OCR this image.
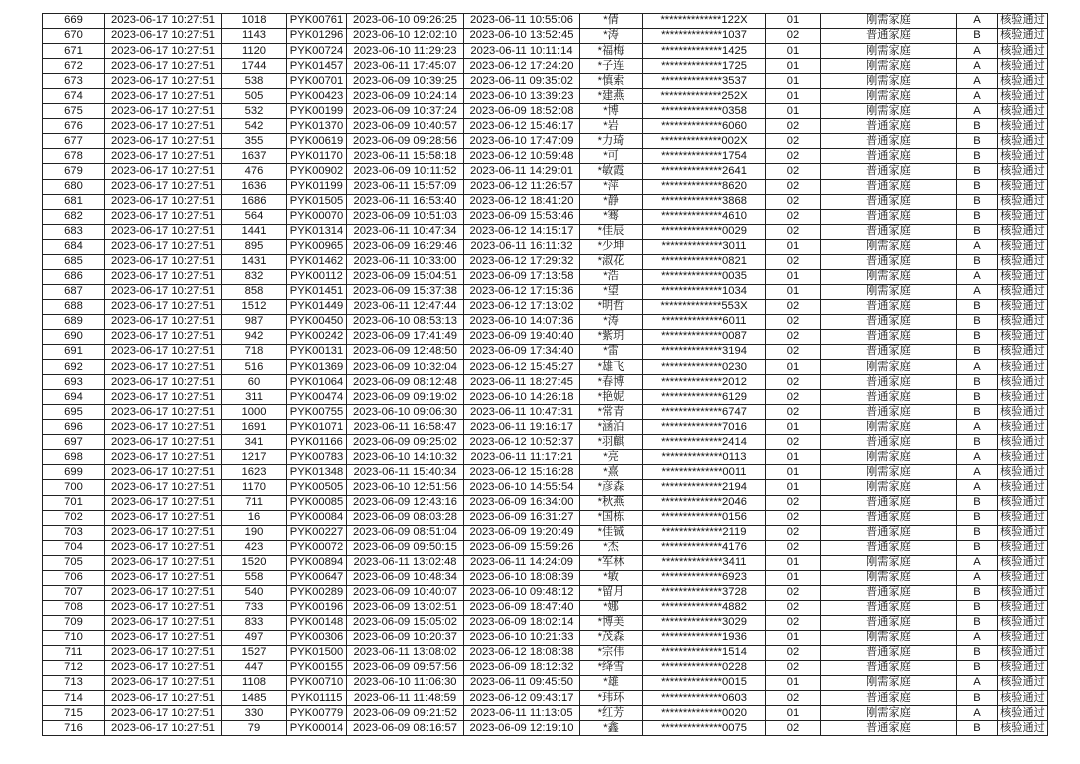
669	2023-06-17 10:27:51	1018	PYK00761	2023-06-10 09:26:25	2023-06-11 10:55:06	*倩	**************122X	01	刚需家庭	A	核验通过
670	2023-06-17 10:27:51	1143	PYK01296	2023-06-10 12:02:10	2023-06-10 13:52:45	*涛	**************1037	02	普通家庭	B	核验通过
671	2023-06-17 10:27:51	1120	PYK00724	2023-06-10 11:29:23	2023-06-11 10:11:14	*福梅	**************1425	01	刚需家庭	A	核验通过
672	2023-06-17 10:27:51	1744	PYK01457	2023-06-11 17:45:07	2023-06-12 17:24:20	*子连	**************1725	01	刚需家庭	A	核验通过
673	2023-06-17 10:27:51	538	PYK00701	2023-06-09 10:39:25	2023-06-11 09:35:02	*慎索	**************3537	01	刚需家庭	A	核验通过
674	2023-06-17 10:27:51	505	PYK00423	2023-06-09 10:24:14	2023-06-10 13:39:23	*建燕	**************252X	01	刚需家庭	A	核验通过
675	2023-06-17 10:27:51	532	PYK00199	2023-06-09 10:37:24	2023-06-09 18:52:08	*博	**************0358	01	刚需家庭	A	核验通过
676	2023-06-17 10:27:51	542	PYK01370	2023-06-09 10:40:57	2023-06-12 15:46:17	*岩	**************6060	02	普通家庭	B	核验通过
677	2023-06-17 10:27:51	355	PYK00619	2023-06-09 09:28:56	2023-06-10 17:47:09	*力琦	**************002X	02	普通家庭	B	核验通过
678	2023-06-17 10:27:51	1637	PYK01170	2023-06-11 15:58:18	2023-06-12 10:59:48	*可	**************1754	02	普通家庭	B	核验通过
679	2023-06-17 10:27:51	476	PYK00902	2023-06-09 10:11:52	2023-06-11 14:29:01	*敏霞	**************2641	02	普通家庭	B	核验通过
680	2023-06-17 10:27:51	1636	PYK01199	2023-06-11 15:57:09	2023-06-12 11:26:57	*萍	**************8620	02	普通家庭	B	核验通过
681	2023-06-17 10:27:51	1686	PYK01505	2023-06-11 16:53:40	2023-06-12 18:41:20	*静	**************3868	02	普通家庭	B	核验通过
682	2023-06-17 10:27:51	564	PYK00070	2023-06-09 10:51:03	2023-06-09 15:53:46	*骞	**************4610	02	普通家庭	B	核验通过
683	2023-06-17 10:27:51	1441	PYK01314	2023-06-11 10:47:34	2023-06-12 14:15:17	*佳辰	**************0029	02	普通家庭	B	核验通过
684	2023-06-17 10:27:51	895	PYK00965	2023-06-09 16:29:46	2023-06-11 16:11:32	*少坤	**************3011	01	刚需家庭	A	核验通过
685	2023-06-17 10:27:51	1431	PYK01462	2023-06-11 10:33:00	2023-06-12 17:29:32	*淑花	**************0821	02	普通家庭	B	核验通过
686	2023-06-17 10:27:51	832	PYK00112	2023-06-09 15:04:51	2023-06-09 17:13:58	*浩	**************0035	01	刚需家庭	A	核验通过
687	2023-06-17 10:27:51	858	PYK01451	2023-06-09 15:37:38	2023-06-12 17:15:36	*望	**************1034	01	刚需家庭	A	核验通过
688	2023-06-17 10:27:51	1512	PYK01449	2023-06-11 12:47:44	2023-06-12 17:13:02	*明哲	**************553X	02	普通家庭	B	核验通过
689	2023-06-17 10:27:51	987	PYK00450	2023-06-10 08:53:13	2023-06-10 14:07:36	*涛	**************6011	02	普通家庭	B	核验通过
690	2023-06-17 10:27:51	942	PYK00242	2023-06-09 17:41:49	2023-06-09 19:40:40	*紫玥	**************0087	02	普通家庭	B	核验通过
691	2023-06-17 10:27:51	718	PYK00131	2023-06-09 12:48:50	2023-06-09 17:34:40	*雷	**************3194	02	普通家庭	B	核验通过
692	2023-06-17 10:27:51	516	PYK01369	2023-06-09 10:32:04	2023-06-12 15:45:27	*雄飞	**************0230	01	刚需家庭	A	核验通过
693	2023-06-17 10:27:51	60	PYK01064	2023-06-09 08:12:48	2023-06-11 18:27:45	*春博	**************2012	02	普通家庭	B	核验通过
694	2023-06-17 10:27:51	311	PYK00474	2023-06-09 09:19:02	2023-06-10 14:26:18	*艳妮	**************6129	02	普通家庭	B	核验通过
695	2023-06-17 10:27:51	1000	PYK00755	2023-06-10 09:06:30	2023-06-11 10:47:31	*常青	**************6747	02	普通家庭	B	核验通过
696	2023-06-17 10:27:51	1691	PYK01071	2023-06-11 16:58:47	2023-06-11 19:16:17	*涵泊	**************7016	01	刚需家庭	A	核验通过
697	2023-06-17 10:27:51	341	PYK01166	2023-06-09 09:25:02	2023-06-12 10:52:37	*羽麒	**************2414	02	普通家庭	B	核验通过
698	2023-06-17 10:27:51	1217	PYK00783	2023-06-10 14:10:32	2023-06-11 11:17:21	*亮	**************0113	01	刚需家庭	A	核验通过
699	2023-06-17 10:27:51	1623	PYK01348	2023-06-11 15:40:34	2023-06-12 15:16:28	*熹	**************0011	01	刚需家庭	A	核验通过
700	2023-06-17 10:27:51	1170	PYK00505	2023-06-10 12:51:56	2023-06-10 14:55:54	*彦森	**************2194	01	刚需家庭	A	核验通过
701	2023-06-17 10:27:51	711	PYK00085	2023-06-09 12:43:16	2023-06-09 16:34:00	*秋燕	**************2046	02	普通家庭	B	核验通过
702	2023-06-17 10:27:51	16	PYK00084	2023-06-09 08:03:28	2023-06-09 16:31:27	*国栋	**************0156	02	普通家庭	B	核验通过
703	2023-06-17 10:27:51	190	PYK00227	2023-06-09 08:51:04	2023-06-09 19:20:49	*佳铖	**************2119	02	普通家庭	B	核验通过
704	2023-06-17 10:27:51	423	PYK00072	2023-06-09 09:50:15	2023-06-09 15:59:26	*杰	**************4176	02	普通家庭	B	核验通过
705	2023-06-17 10:27:51	1520	PYK00894	2023-06-11 13:02:48	2023-06-11 14:24:09	*军林	**************3411	01	刚需家庭	A	核验通过
706	2023-06-17 10:27:51	558	PYK00647	2023-06-09 10:48:34	2023-06-10 18:08:39	*敏	**************6923	01	刚需家庭	A	核验通过
707	2023-06-17 10:27:51	540	PYK00289	2023-06-09 10:40:07	2023-06-10 09:48:12	*留月	**************3728	02	普通家庭	B	核验通过
708	2023-06-17 10:27:51	733	PYK00196	2023-06-09 13:02:51	2023-06-09 18:47:40	*娜	**************4882	02	普通家庭	B	核验通过
709	2023-06-17 10:27:51	833	PYK00148	2023-06-09 15:05:02	2023-06-09 18:02:14	*博美	**************3029	02	普通家庭	B	核验通过
710	2023-06-17 10:27:51	497	PYK00306	2023-06-09 10:20:37	2023-06-10 10:21:33	*茂森	**************1936	01	刚需家庭	A	核验通过
711	2023-06-17 10:27:51	1527	PYK01500	2023-06-11 13:08:02	2023-06-12 18:08:38	*宗伟	**************1514	02	普通家庭	B	核验通过
712	2023-06-17 10:27:51	447	PYK00155	2023-06-09 09:57:56	2023-06-09 18:12:32	*绛雪	**************0228	02	普通家庭	B	核验通过
713	2023-06-17 10:27:51	1108	PYK00710	2023-06-10 11:06:30	2023-06-11 09:45:50	*雄	**************0015	01	刚需家庭	A	核验通过
714	2023-06-17 10:27:51	1485	PYK01115	2023-06-11 11:48:59	2023-06-12 09:43:17	*玮环	**************0603	02	普通家庭	B	核验通过
715	2023-06-17 10:27:51	330	PYK00779	2023-06-09 09:21:52	2023-06-11 11:13:05	*红芳	**************0020	01	刚需家庭	A	核验通过
716	2023-06-17 10:27:51	79	PYK00014	2023-06-09 08:16:57	2023-06-09 12:19:10	*鑫	**************0075	02	普通家庭	B	核验通过
